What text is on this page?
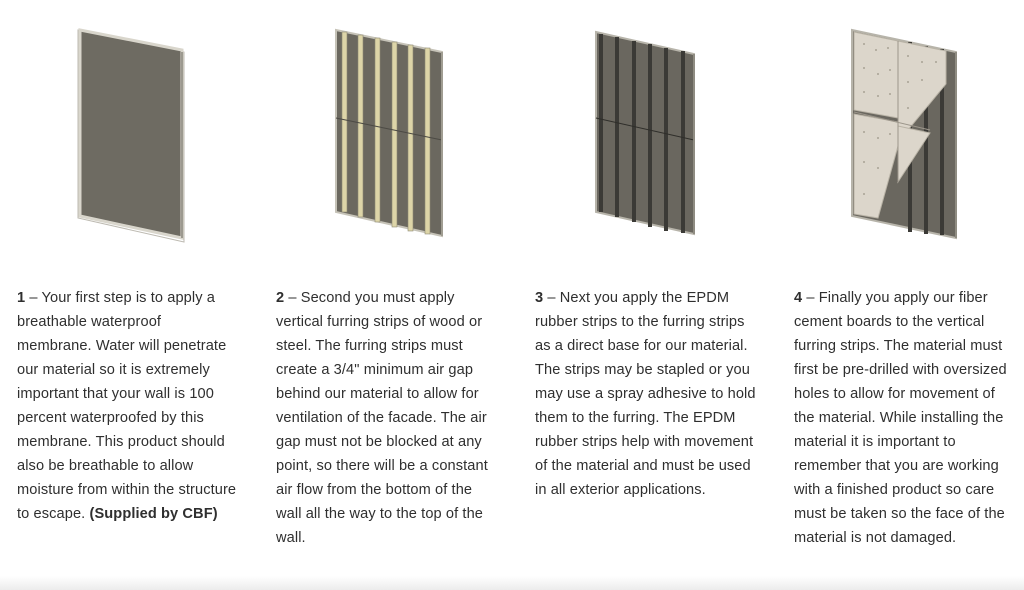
1 – Your first step is to apply a breathable waterproof membrane. Water will penetrate our material so it is extremely important that your wall is 100 percent waterproofed by this membrane. This product should also be breathable to allow moisture from within the structure to escape. (Supplied by CBF)

2 – Second you must apply vertical furring strips of wood or steel. The furring strips must create a 3/4" minimum air gap behind our material to allow for ventilation of the facade. The air gap must not be blocked at any point, so there will be a constant air flow from the bottom of the wall all the way to the top of the wall.

3 – Next you apply the EPDM rubber strips to the furring strips as a direct base for our material. The strips may be stapled or you may use a spray adhesive to hold them to the furring. The EPDM rubber strips help with movement of the material and must be used in all exterior applications.

4 – Finally you apply our fiber cement boards to the vertical furring strips. The material must first be pre-drilled with oversized holes to allow for movement of the material. While installing the material it is important to remember that you are working with a finished product so care must be taken so the face of the material is not damaged.
